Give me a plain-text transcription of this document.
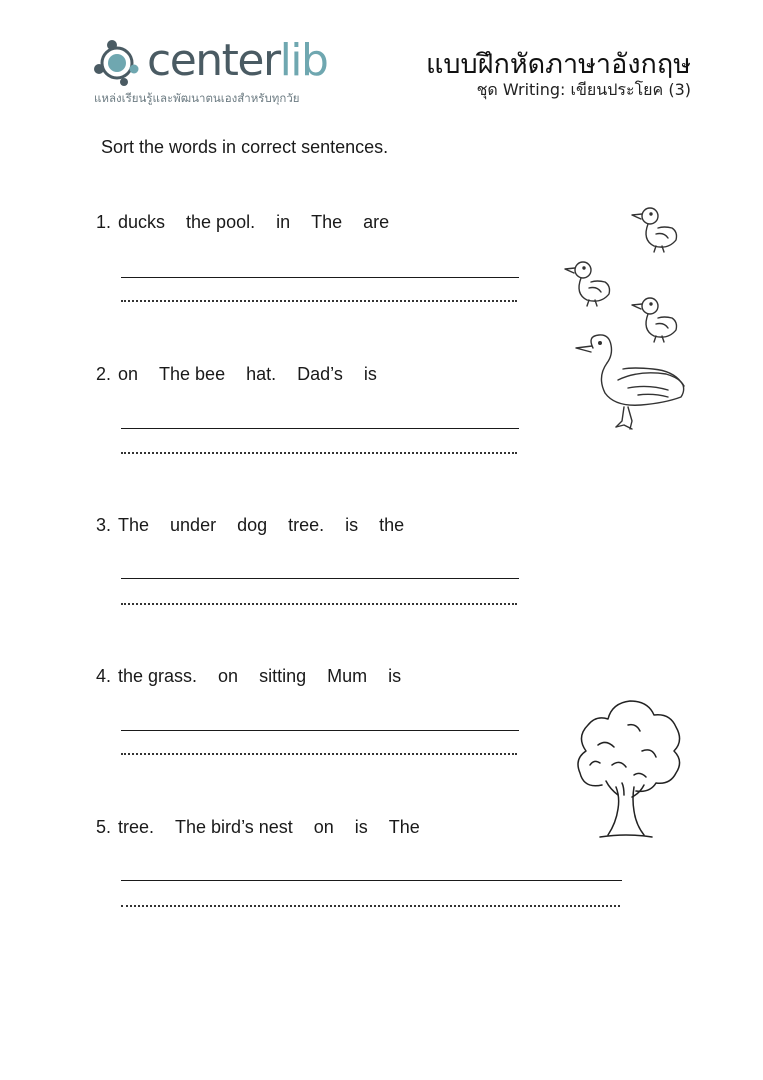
centerlib
แหล่งเรียนรู้และพัฒนาตนเองสำหรับทุกวัย
แบบฝึกหัดภาษาอังกฤษ
ชุด Writing: เขียนประโยค (3)
Sort the words in correct sentences.
1. ducks the pool. in The are
2. on The bee hat. Dad’s is
3. The under dog tree. is the
4. the grass. on sitting Mum is
5. tree. The bird’s nest on is The
